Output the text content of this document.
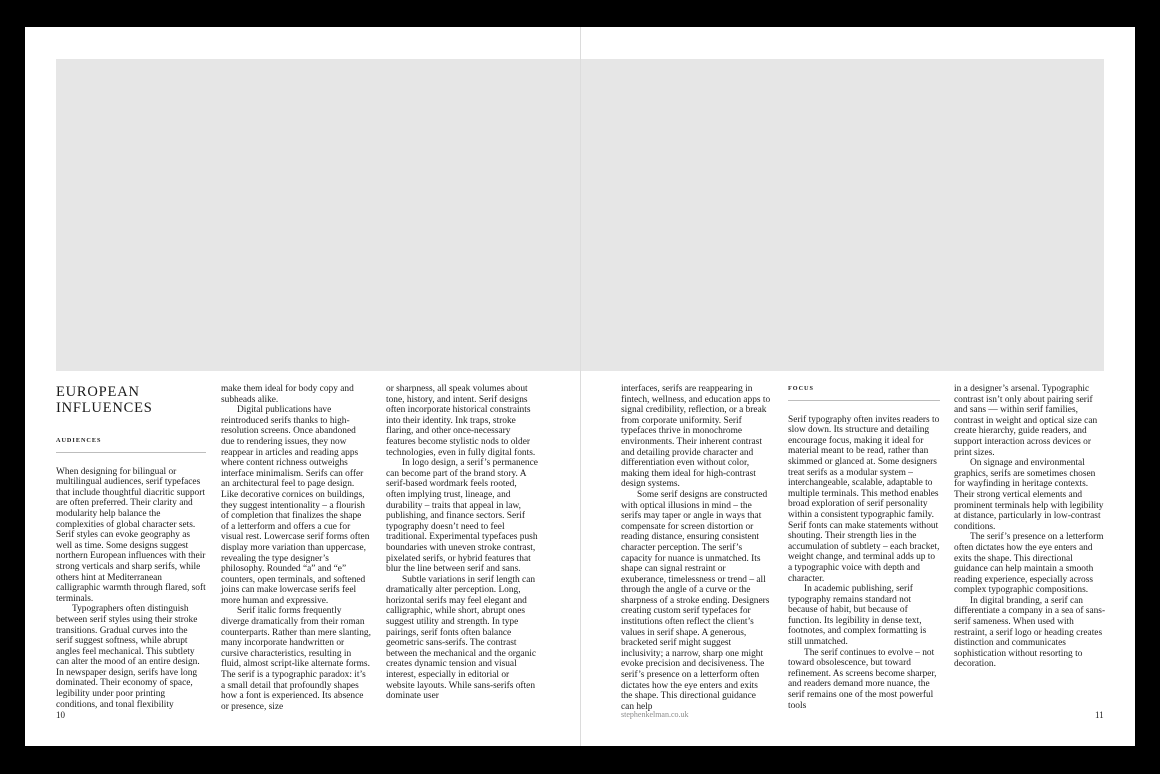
EUROPEAN INFLUENCES
AUDIENCES

When designing for bilingual or multilingual audiences, serif typefaces that include thoughtful diacritic support are often preferred. Their clarity and modularity help balance the complexities of global character sets. Serif styles can evoke geography as well as time. Some designs suggest northern European influences with their strong verticals and sharp serifs, while others hint at Mediterranean calligraphic warmth through flared, soft terminals.

Typographers often distinguish between serif styles using their stroke transitions. Gradual curves into the serif suggest softness, while abrupt angles feel mechanical. This subtlety can alter the mood of an entire design. In newspaper design, serifs have long dominated. Their economy of space, legibility under poor printing conditions, and tonal flexibility

make them ideal for body copy and subheads alike.

Digital publications have reintroduced serifs thanks to high-resolution screens. Once abandoned due to rendering issues, they now reappear in articles and reading apps where content richness outweighs interface minimalism. Serifs can offer an architectural feel to page design. Like decorative cornices on buildings, they suggest intentionality – a flourish of completion that finalizes the shape of a letterform and offers a cue for visual rest. Lowercase serif forms often display more variation than uppercase, revealing the type designer’s philosophy. Rounded “a” and “e” counters, open terminals, and softened joins can make lowercase serifs feel more human and expressive.

Serif italic forms frequently diverge dramatically from their roman counterparts. Rather than mere slanting, many incorporate handwritten or cursive characteristics, resulting in fluid, almost script-like alternate forms. The serif is a typographic paradox: it’s a small detail that profoundly shapes how a font is experienced. Its absence or presence, size

or sharpness, all speak volumes about tone, history, and intent. Serif designs often incorporate historical constraints into their identity. Ink traps, stroke flaring, and other once-necessary features become stylistic nods to older technologies, even in fully digital fonts.

In logo design, a serif’s permanence can become part of the brand story. A serif-based wordmark feels rooted, often implying trust, lineage, and durability – traits that appeal in law, publishing, and finance sectors. Serif typography doesn’t need to feel traditional. Experimental typefaces push boundaries with uneven stroke contrast, pixelated serifs, or hybrid features that blur the line between serif and sans.

Subtle variations in serif length can dramatically alter perception. Long, horizontal serifs may feel elegant and calligraphic, while short, abrupt ones suggest utility and strength. In type pairings, serif fonts often balance geometric sans-serifs. The contrast between the mechanical and the organic creates dynamic tension and visual interest, especially in editorial or website layouts. While sans-serifs often dominate user

10

interfaces, serifs are reappearing in fintech, wellness, and education apps to signal credibility, reflection, or a break from corporate uniformity. Serif typefaces thrive in monochrome environments. Their inherent contrast and detailing provide character and differentiation even without color, making them ideal for high-contrast design systems.

Some serif designs are constructed with optical illusions in mind – the serifs may taper or angle in ways that compensate for screen distortion or reading distance, ensuring consistent character perception. The serif’s capacity for nuance is unmatched. Its shape can signal restraint or exuberance, timelessness or trend – all through the angle of a curve or the sharpness of a stroke ending. Designers creating custom serif typefaces for institutions often reflect the client’s values in serif shape. A generous, bracketed serif might suggest inclusivity; a narrow, sharp one might evoke precision and decisiveness. The serif’s presence on a letterform often dictates how the eye enters and exits the shape. This directional guidance can help

FOCUS

Serif typography often invites readers to slow down. Its structure and detailing encourage focus, making it ideal for material meant to be read, rather than skimmed or glanced at. Some designers treat serifs as a modular system – interchangeable, scalable, adaptable to multiple terminals. This method enables broad exploration of serif personality within a consistent typographic family. Serif fonts can make statements without shouting. Their strength lies in the accumulation of subtlety – each bracket, weight change, and terminal adds up to a typographic voice with depth and character.

In academic publishing, serif typography remains standard not because of habit, but because of function. Its legibility in dense text, footnotes, and complex formatting is still unmatched.

The serif continues to evolve – not toward obsolescence, but toward refinement. As screens become sharper, and readers demand more nuance, the serif remains one of the most powerful tools

in a designer’s arsenal. Typographic contrast isn’t only about pairing serif and sans — within serif families, contrast in weight and optical size can create hierarchy, guide readers, and support interaction across devices or print sizes.

On signage and environmental graphics, serifs are sometimes chosen for wayfinding in heritage contexts. Their strong vertical elements and prominent terminals help with legibility at distance, particularly in low-contrast conditions.

The serif’s presence on a letterform often dictates how the eye enters and exits the shape. This directional guidance can help maintain a smooth reading experience, especially across complex typographic compositions.

In digital branding, a serif can differentiate a company in a sea of sans-serif sameness. When used with restraint, a serif logo or heading creates distinction and communicates sophistication without resorting to decoration.

stephenkelman.co.uk	11
